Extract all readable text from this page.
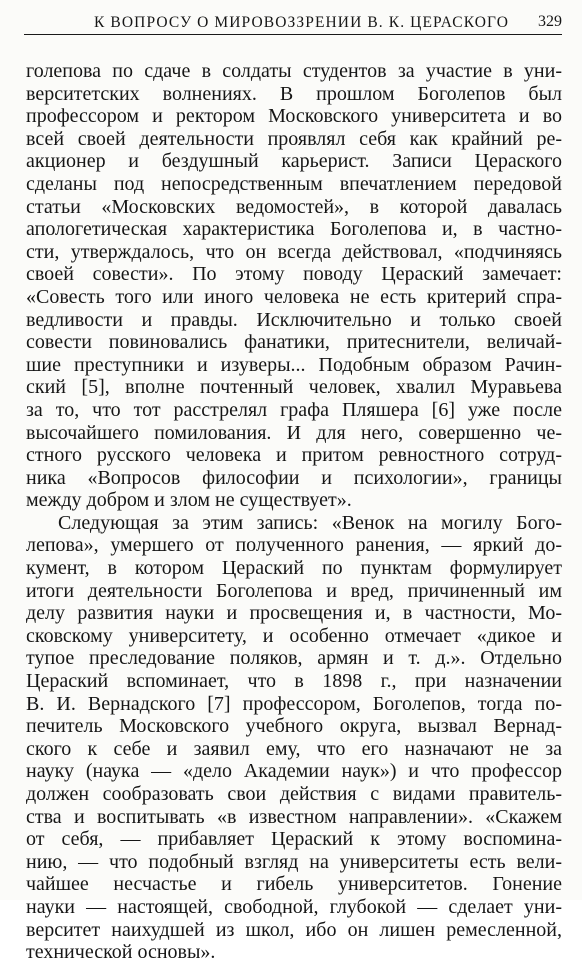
К ВОПРОСУ О МИРОВОЗЗРЕНИИ В. К. ЦЕРАСКОГО 329
голепова по сдаче в солдаты студентов за участие в уни-
верситетских волнениях. В прошлом Боголепов был
профессором и ректором Московского университета и во
всей своей деятельности проявлял себя как крайний ре-
акционер и бездушный карьерист. Записи Цераского
сделаны под непосредственным впечатлением передовой
статьи «Московских ведомостей», в которой давалась
апологетическая характеристика Боголепова и, в частно-
сти, утверждалось, что он всегда действовал, «подчиняясь
своей совести». По этому поводу Цераский замечает:
«Совесть того или иного человека не есть критерий спра-
ведливости и правды. Исключительно и только своей
совести повиновались фанатики, притеснители, величай-
шие преступники и изуверы... Подобным образом Рачин-
ский [5], вполне почтенный человек, хвалил Муравьева
за то, что тот расстрелял графа Пляшера [6] уже после
высочайшего помилования. И для него, совершенно че-
стного русского человека и притом ревностного сотруд-
ника «Вопросов философии и психологии», границы
между добром и злом не существует».
Следующая за этим запись: «Венок на могилу Бого-
лепова», умершего от полученного ранения, — яркий до-
кумент, в котором Цераский по пунктам формулирует
итоги деятельности Боголепова и вред, причиненный им
делу развития науки и просвещения и, в частности, Мо-
сковскому университету, и особенно отмечает «дикое и
тупое преследование поляков, армян и т. д.». Отдельно
Цераский вспоминает, что в 1898 г., при назначении
В. И. Вернадского [7] профессором, Боголепов, тогда по-
печитель Московского учебного округа, вызвал Вернад-
ского к себе и заявил ему, что его назначают не за
науку (наука — «дело Академии наук») и что профессор
должен сообразовать свои действия с видами правитель-
ства и воспитывать «в известном направлении». «Скажем
от себя, — прибавляет Цераский к этому воспомина-
нию, — что подобный взгляд на университеты есть вели-
чайшее несчастье и гибель университетов. Гонение
науки — настоящей, свободной, глубокой — сделает уни-
верситет наихудшей из школ, ибо он лишен ремесленной,
технической основы».
